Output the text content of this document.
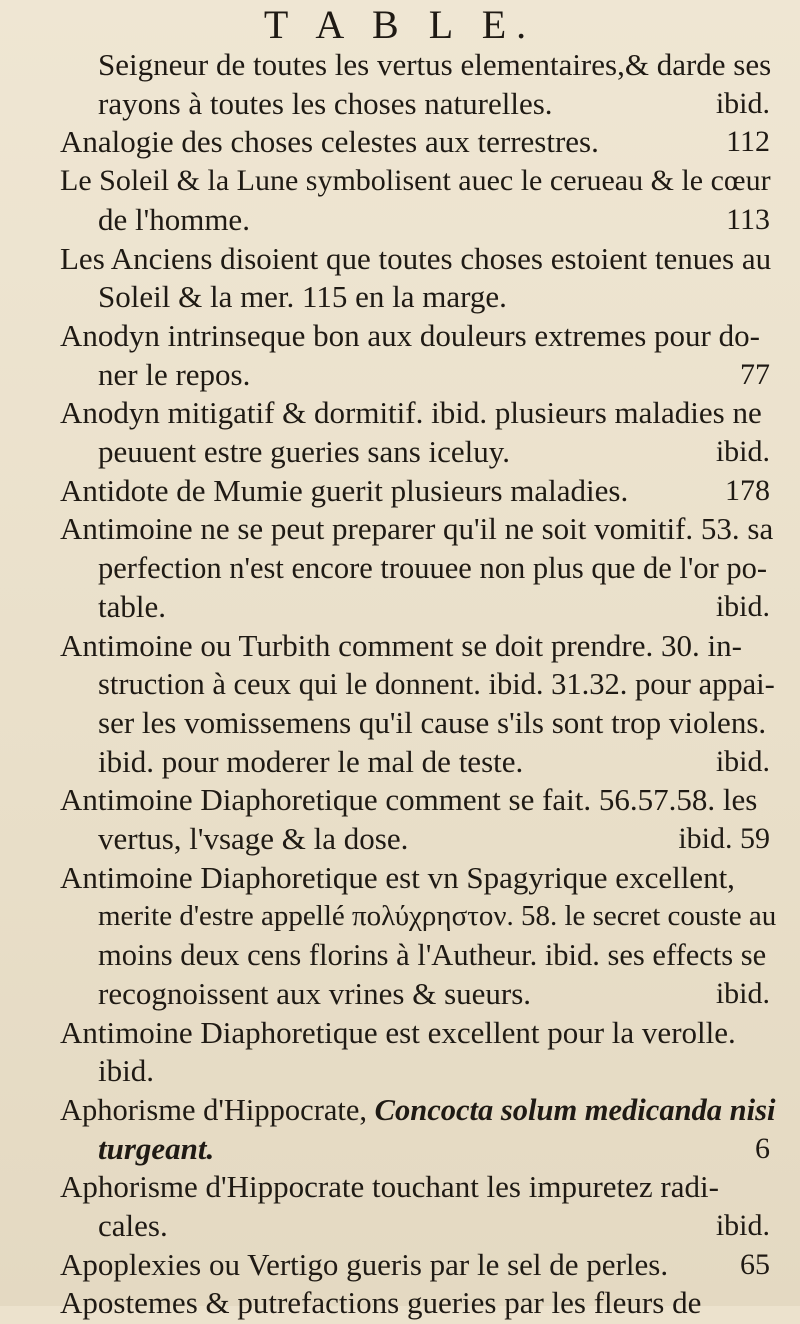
T A B L E.
Seigneur de toutes les vertus elementaires,& darde ses
rayons à toutes les choses naturelles.	ibid.
Analogie des choses celestes aux terrestres.	112
Le Soleil & la Lune symbolisent auec le cerueau & le cœur
de l'homme.	113
Les Anciens disoient que toutes choses estoient tenues au
Soleil & la mer. 115 en la marge.
Anodyn intrinseque bon aux douleurs extremes pour do-
ner le repos.	77
Anodyn mitigatif & dormitif. ibid. plusieurs maladies ne
peuuent estre gueries sans iceluy.	ibid.
Antidote de Mumie guerit plusieurs maladies.	178
Antimoine ne se peut preparer qu'il ne soit vomitif. 53. sa
perfection n'est encore trouuee non plus que de l'or po-
table.	ibid.
Antimoine ou Turbith comment se doit prendre. 30. in-
struction à ceux qui le donnent. ibid. 31.32. pour appai-
ser les vomissemens qu'il cause s'ils sont trop violens.
ibid. pour moderer le mal de teste.	ibid.
Antimoine Diaphoretique comment se fait. 56.57.58. les
vertus, l'vsage & la dose.	ibid. 59
Antimoine Diaphoretique est vn Spagyrique excellent,
merite d'estre appellé πολύχρηστον. 58. le secret couste au
moins deux cens florins à l'Autheur. ibid. ses effects se
recognoissent aux vrines & sueurs.	ibid.
Antimoine Diaphoretique est excellent pour la verolle.
ibid.
Aphorisme d'Hippocrate, Concocta solum medicanda nisi
turgeant.	6
Aphorisme d'Hippocrate touchant les impuretez radi-
cales.	ibid.
Apoplexies ou Vertigo gueris par le sel de perles. 65
Apostemes & putrefactions gueries par les fleurs de
